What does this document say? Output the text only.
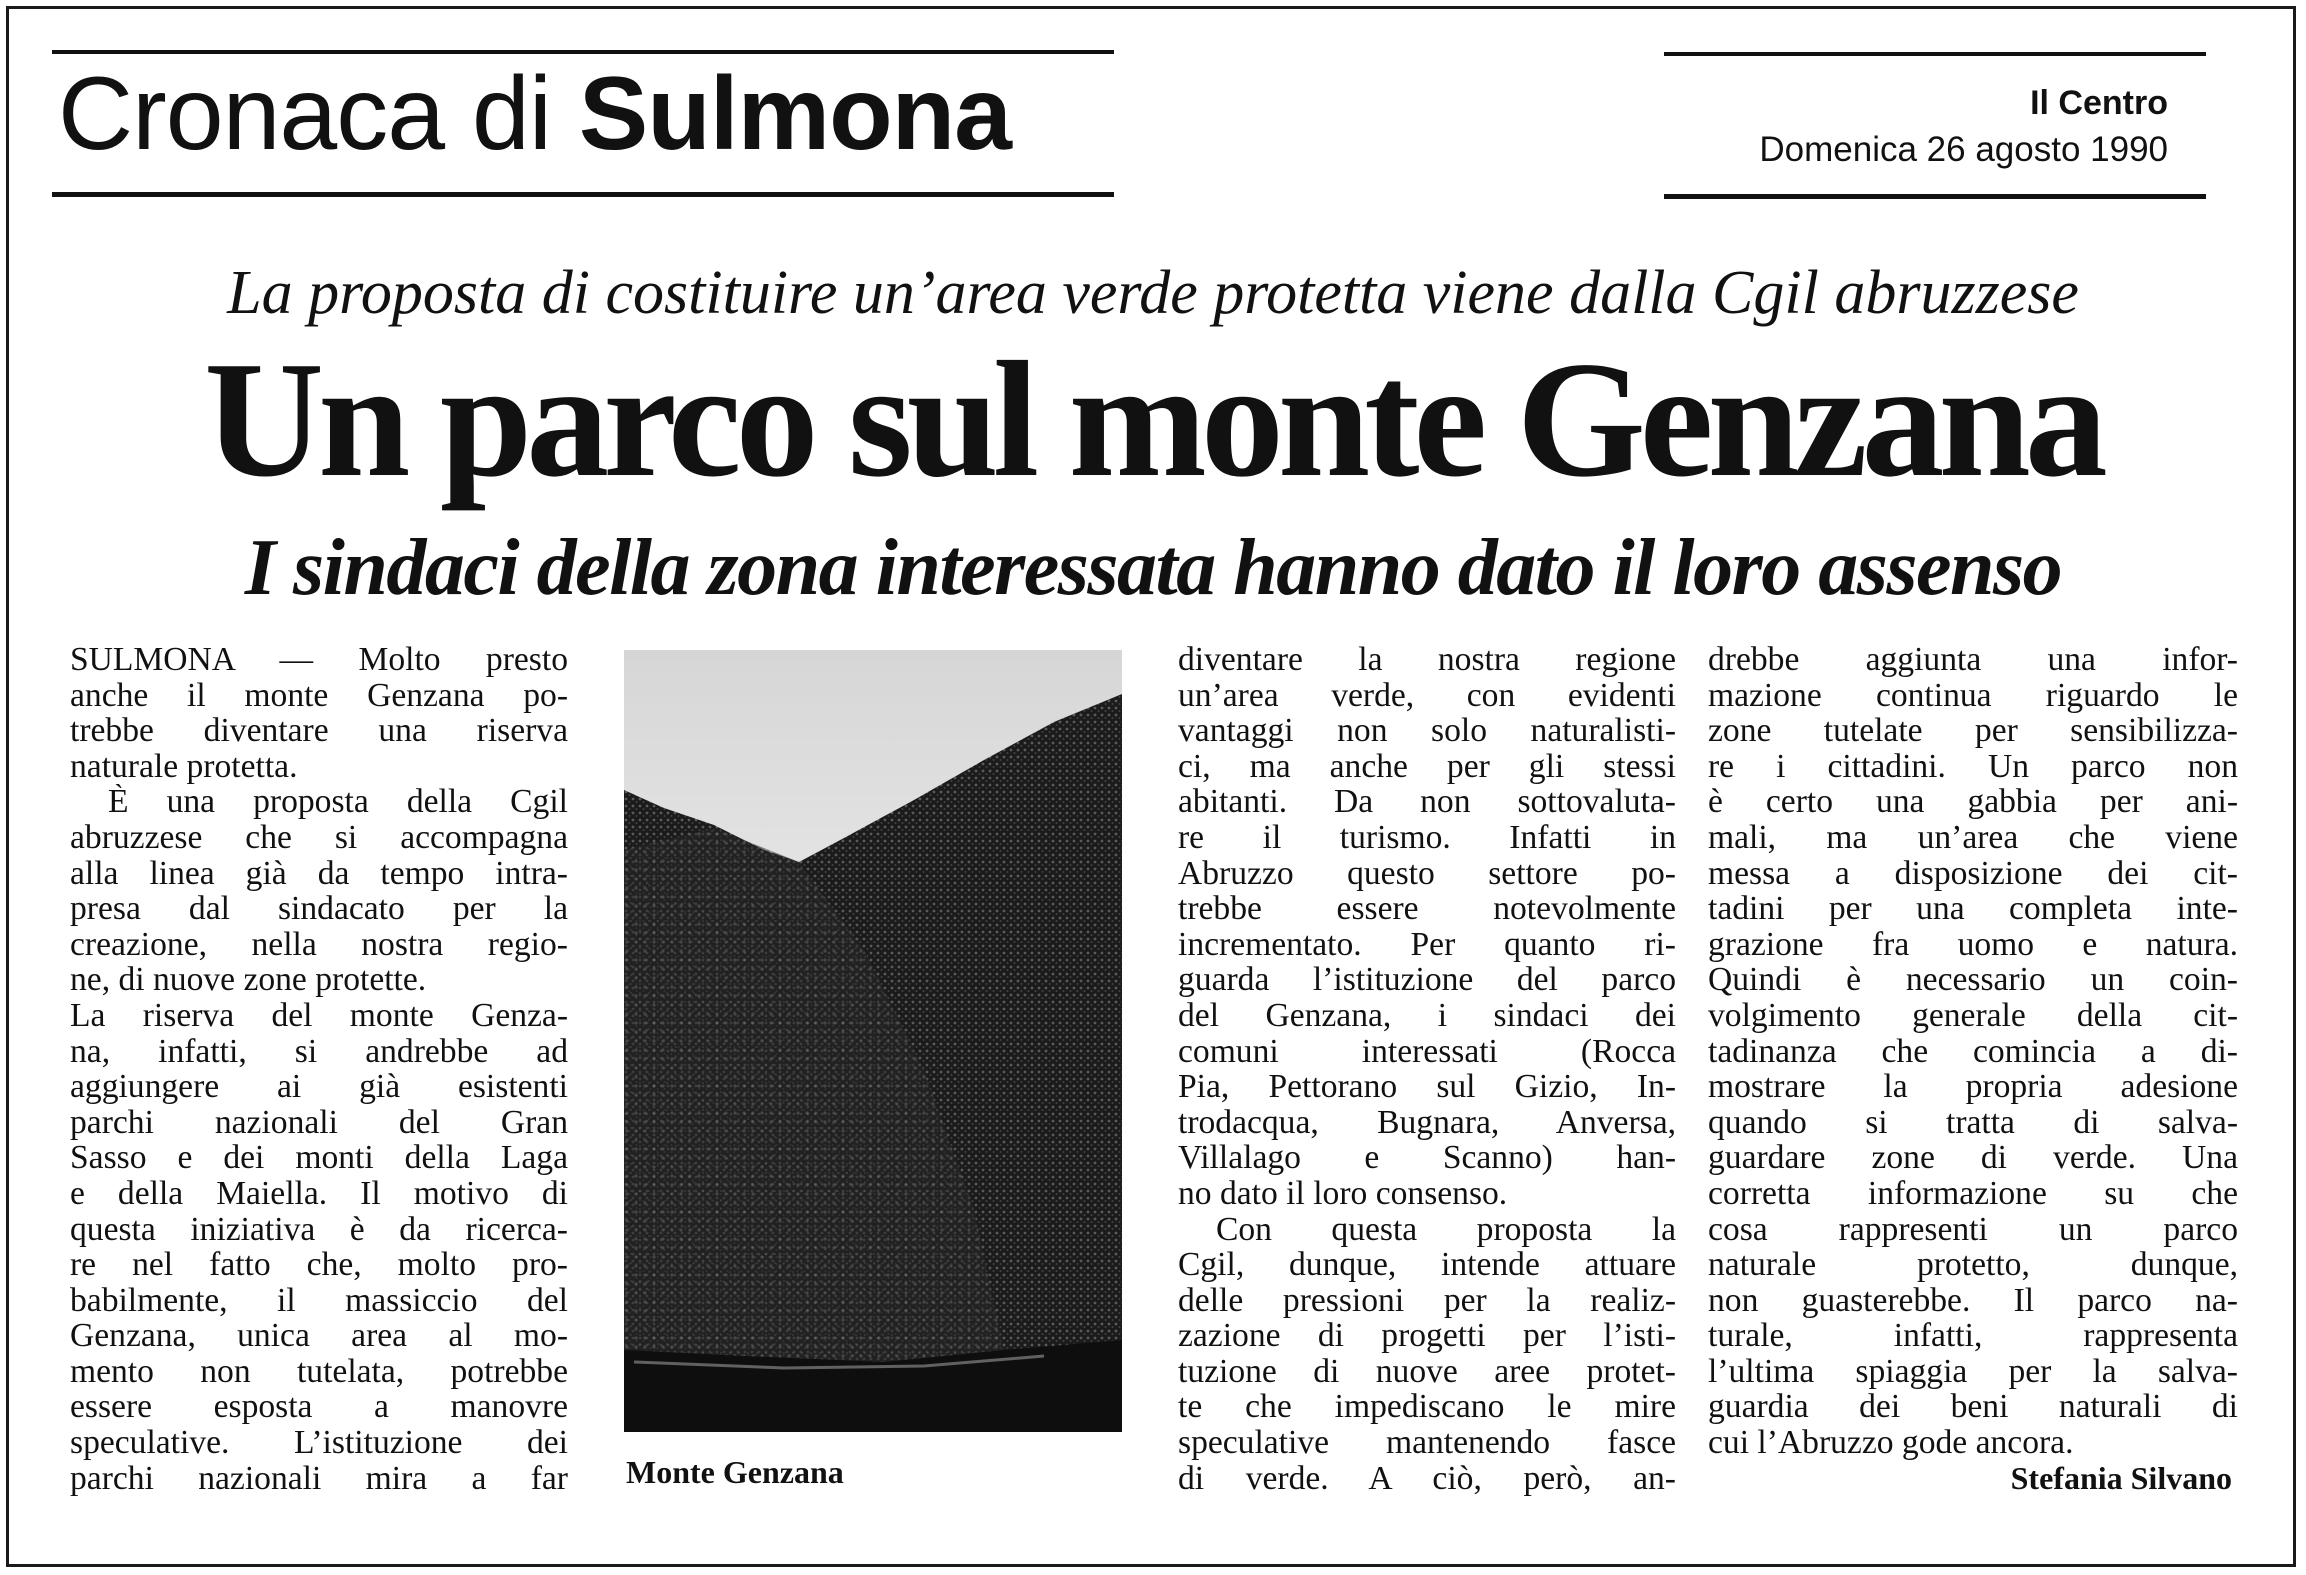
Cronaca di Sulmona	Il Centro
Domenica 26 agosto 1990
La proposta di costituire un’area verde protetta viene dalla Cgil abruzzese
Un parco sul monte Genzana
I sindaci della zona interessata hanno dato il loro assenso
SULMONA — Molto presto
anche il monte Genzana po-
trebbe diventare una riserva
naturale protetta.
È una proposta della Cgil
abruzzese che si accompagna
alla linea già da tempo intra-
presa dal sindacato per la
creazione, nella nostra regio-
ne, di nuove zone protette.
La riserva del monte Genza-
na, infatti, si andrebbe ad
aggiungere ai già esistenti
parchi nazionali del Gran
Sasso e dei monti della Laga
e della Maiella. Il motivo di
questa iniziativa è da ricerca-
re nel fatto che, molto pro-
babilmente, il massiccio del
Genzana, unica area al mo-
mento non tutelata, potrebbe
essere esposta a manovre
speculative. L’istituzione dei
parchi nazionali mira a far Monte Genzana
diventare la nostra regione
un’area verde, con evidenti
vantaggi non solo naturalisti-
ci, ma anche per gli stessi
abitanti. Da non sottovaluta-
re il turismo. Infatti in
Abruzzo questo settore po-
trebbe essere notevolmente
incrementato. Per quanto ri-
guarda l’istituzione del parco
del Genzana, i sindaci dei
comuni interessati (Rocca
Pia, Pettorano sul Gizio, In-
trodacqua, Bugnara, Anversa,
Villalago e Scanno) han-
no dato il loro consenso.
Con questa proposta la
Cgil, dunque, intende attuare
delle pressioni per la realiz-
zazione di progetti per l’isti-
tuzione di nuove aree protet-
te che impediscano le mire
speculative mantenendo fasce
di verde. A ciò, però, an-
drebbe aggiunta una infor-
mazione continua riguardo le
zone tutelate per sensibilizza-
re i cittadini. Un parco non
è certo una gabbia per ani-
mali, ma un’area che viene
messa a disposizione dei cit-
tadini per una completa inte-
grazione fra uomo e natura.
Quindi è necessario un coin-
volgimento generale della cit-
tadinanza che comincia a di-
mostrare la propria adesione
quando si tratta di salva-
guardare zone di verde. Una
corretta informazione su che
cosa rappresenti un parco
naturale protetto, dunque,
non guasterebbe. Il parco na-
turale, infatti, rappresenta
l’ultima spiaggia per la salva-
guardia dei beni naturali di
cui l’Abruzzo gode ancora.
Stefania Silvano
